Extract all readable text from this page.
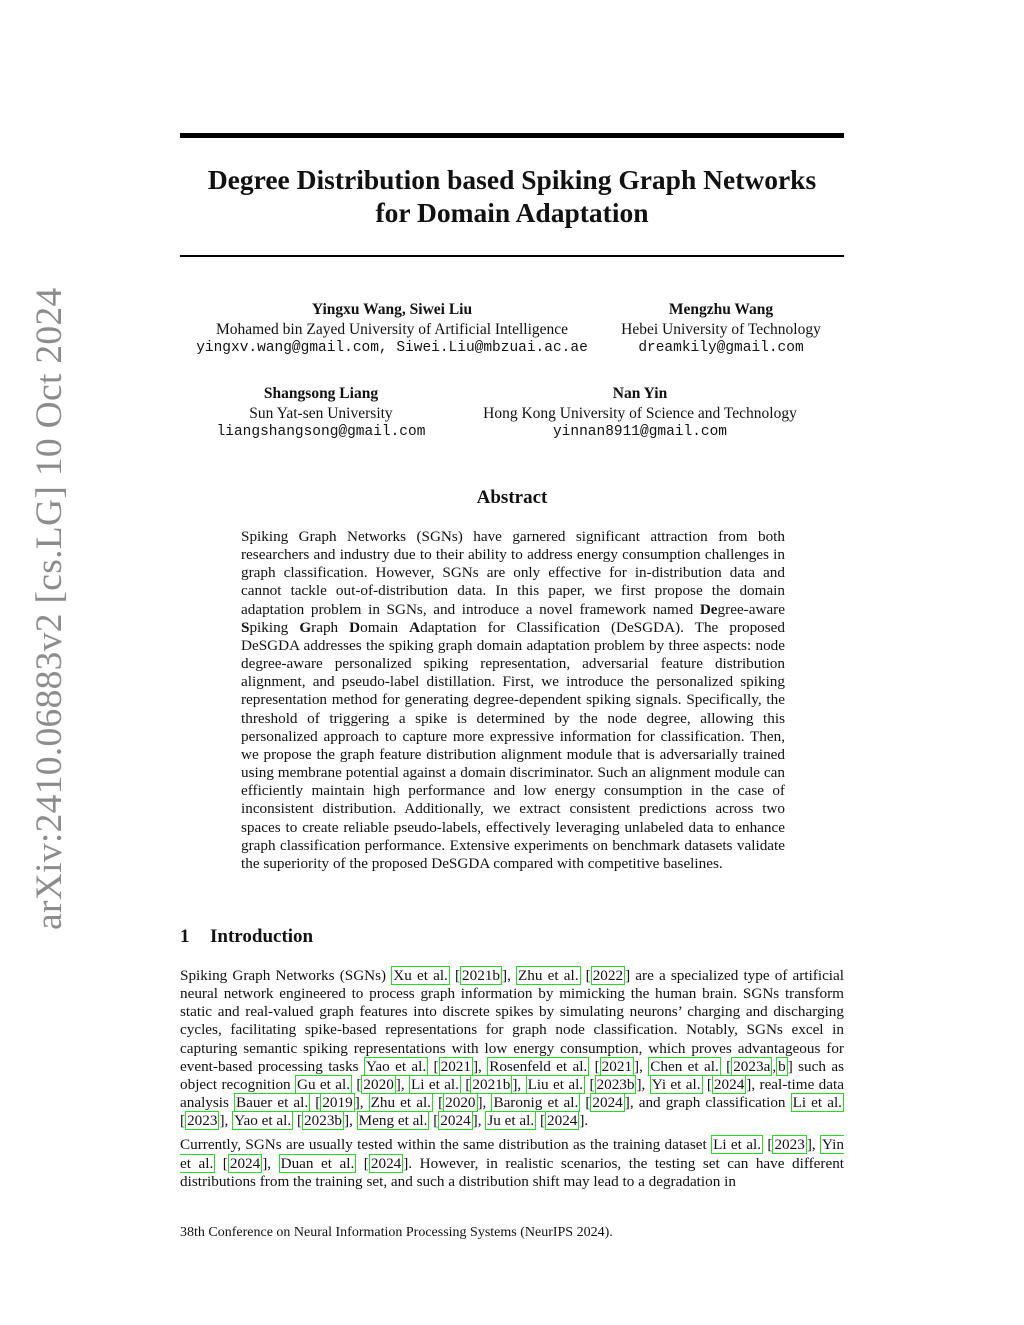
arXiv:2410.06883v2 [cs.LG] 10 Oct 2024
Degree Distribution based Spiking Graph Networks
for Domain Adaptation
Yingxu Wang, Siwei Liu
Mohamed bin Zayed University of Artificial Intelligence
yingxv.wang@gmail.com, Siwei.Liu@mbzuai.ac.ae
Mengzhu Wang
Hebei University of Technology
dreamkily@gmail.com
Shangsong Liang
Sun Yat-sen University
liangshangsong@gmail.com
Nan Yin
Hong Kong University of Science and Technology
yinnan8911@gmail.com
Abstract

Spiking Graph Networks (SGNs) have garnered significant attraction from both researchers and industry due to their ability to address energy consumption challenges in graph classification. However, SGNs are only effective for in-distribution data and cannot tackle out-of-distribution data. In this paper, we first propose the domain adaptation problem in SGNs, and introduce a novel framework named Degree-aware Spiking Graph Domain Adaptation for Classification (DeSGDA). The proposed DeSGDA addresses the spiking graph domain adaptation problem by three aspects: node degree-aware personalized spiking representation, adversarial feature distribution alignment, and pseudo-label distillation. First, we introduce the personalized spiking representation method for generating degree-dependent spiking signals. Specifically, the threshold of triggering a spike is determined by the node degree, allowing this personalized approach to capture more expressive information for classification. Then, we propose the graph feature distribution alignment module that is adversarially trained using membrane potential against a domain discriminator. Such an alignment module can efficiently maintain high performance and low energy consumption in the case of inconsistent distribution. Additionally, we extract consistent predictions across two spaces to create reliable pseudo-labels, effectively leveraging unlabeled data to enhance graph classification performance. Extensive experiments on benchmark datasets validate the superiority of the proposed DeSGDA compared with competitive baselines.

1 Introduction

Spiking Graph Networks (SGNs) Xu et al. [ 2021b ], Zhu et al. [ 2022 ] are a specialized type of artificial neural network engineered to process graph information by mimicking the human brain. SGNs transform static and real-valued graph features into discrete spikes by simulating neurons’ charging and discharging cycles, facilitating spike-based representations for graph node classification. Notably, SGNs excel in capturing semantic spiking representations with low energy consumption, which proves advantageous for event-based processing tasks Yao et al. [ 2021 ], Rosenfeld et al. [ 2021 ], Chen et al. [ 2023a , b ] such as object recognition Gu et al. [ 2020 ], Li et al. [ 2021b ], Liu et al. [ 2023b ], Yi et al. [ 2024 ], real-time data analysis Bauer et al. [ 2019 ], Zhu et al. [ 2020 ], Baronig et al. [ 2024 ], and graph classification Li et al. [ 2023 ], Yao et al. [ 2023b ], Meng et al. [ 2024 ], Ju et al. [ 2024 ].

Currently, SGNs are usually tested within the same distribution as the training dataset Li et al. [ 2023 ], Yin et al. [ 2024 ], Duan et al. [ 2024 ]. However, in realistic scenarios, the testing set can have different distributions from the training set, and such a distribution shift may lead to a degradation in

38th Conference on Neural Information Processing Systems (NeurIPS 2024).
